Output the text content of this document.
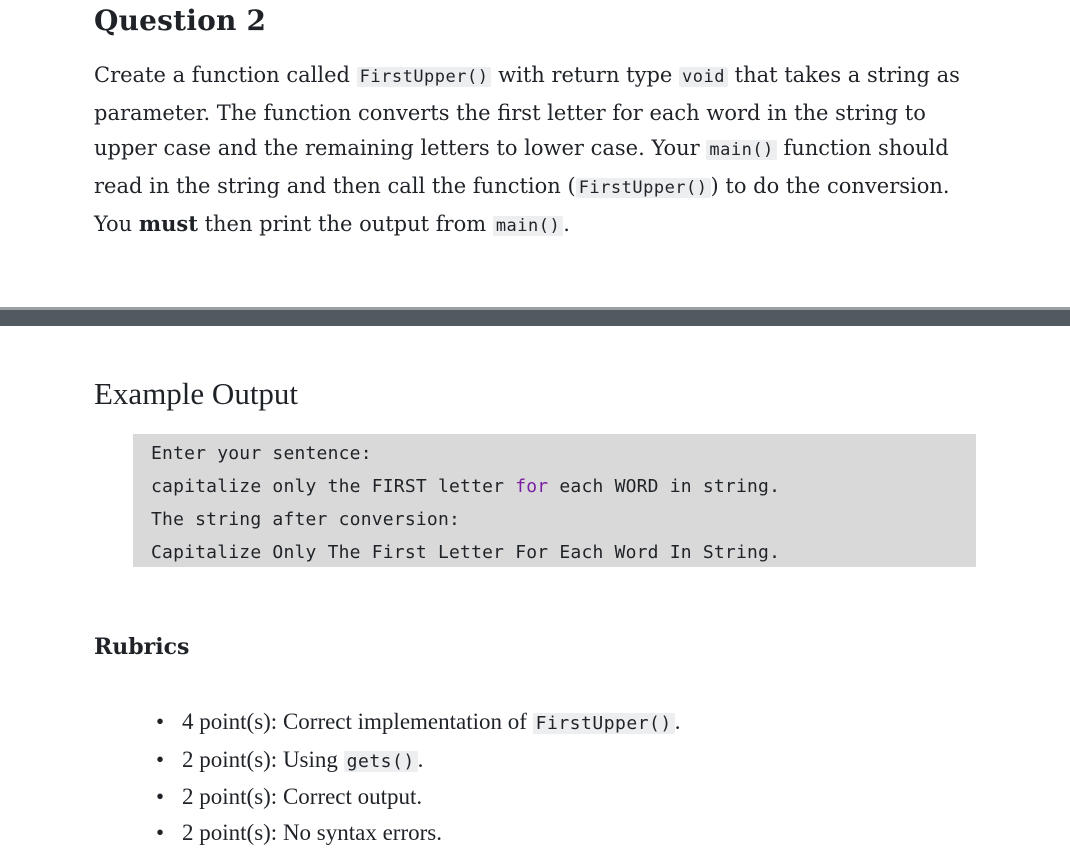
Question 2
Create a function called FirstUpper() with return type void that takes a string as parameter. The function converts the first letter for each word in the string to upper case and the remaining letters to lower case. Your main() function should read in the string and then call the function ( FirstUpper() ) to do the conversion. You must then print the output from main() .
Example Output
Enter your sentence:
capitalize only the FIRST letter for each WORD in string.
The string after conversion:
Capitalize Only The First Letter For Each Word In String.
Rubrics
• 4 point(s): Correct implementation of FirstUpper() .
• 2 point(s): Using gets() .
• 2 point(s): Correct output.
• 2 point(s): No syntax errors.
